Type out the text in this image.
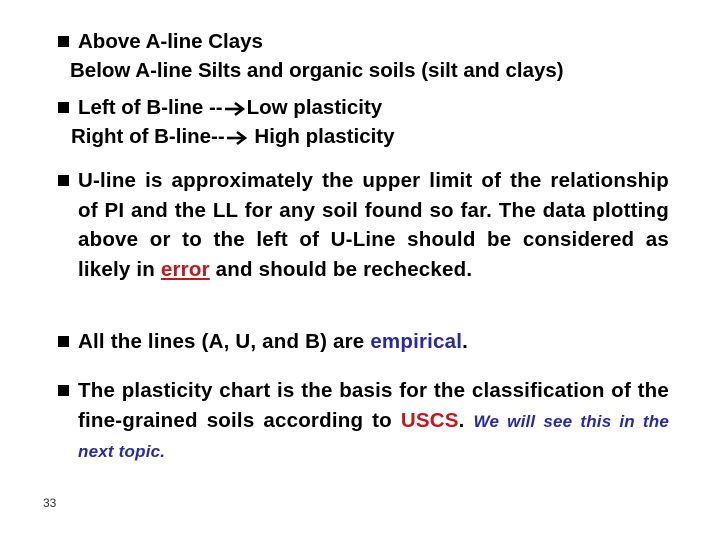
Above A-line Clays
Below A-line Silts and organic soils (silt and clays)
Left of B-line -- Low plasticity
Right of B-line-- High plasticity
U-line is approximately the upper limit of the relationship of PI and the LL for any soil found so far. The data plotting above or to the left of U-Line should be considered as likely in error and should be rechecked.
All the lines (A, U, and B) are empirical.
The plasticity chart is the basis for the classification of the fine-grained soils according to USCS. We will see this in the next topic.
33
